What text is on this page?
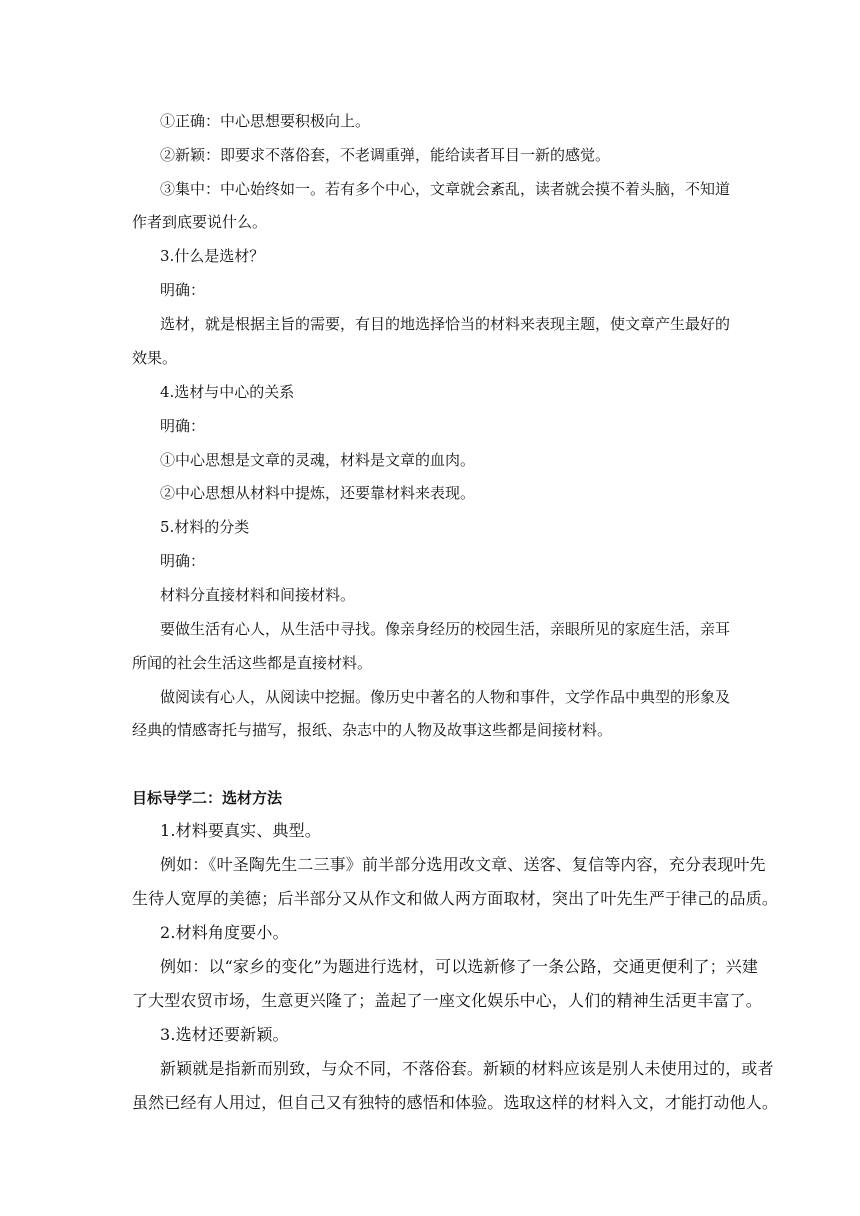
①正确：中心思想要积极向上。
②新颖：即要求不落俗套，不老调重弹，能给读者耳目一新的感觉。
③集中：中心始终如一。若有多个中心，文章就会紊乱，读者就会摸不着头脑，不知道
作者到底要说什么。
3.什么是选材？
明确：
选材，就是根据主旨的需要，有目的地选择恰当的材料来表现主题，使文章产生最好的
效果。
4.选材与中心的关系
明确：
①中心思想是文章的灵魂，材料是文章的血肉。
②中心思想从材料中提炼，还要靠材料来表现。
5.材料的分类
明确：
材料分直接材料和间接材料。
要做生活有心人，从生活中寻找。像亲身经历的校园生活，亲眼所见的家庭生活，亲耳
所闻的社会生活这些都是直接材料。
做阅读有心人，从阅读中挖掘。像历史中著名的人物和事件，文学作品中典型的形象及
经典的情感寄托与描写，报纸、杂志中的人物及故事这些都是间接材料。
目标导学二：选材方法
1.材料要真实、典型。
例如：《叶圣陶先生二三事》前半部分选用改文章、送客、复信等内容，充分表现叶先
生待人宽厚的美德；后半部分又从作文和做人两方面取材，突出了叶先生严于律己的品质。
2.材料角度要小。
例如：以“家乡的变化”为题进行选材，可以选新修了一条公路，交通更便利了；兴建
了大型农贸市场，生意更兴隆了；盖起了一座文化娱乐中心，人们的精神生活更丰富了。
3.选材还要新颖。
新颖就是指新而别致，与众不同，不落俗套。新颖的材料应该是别人未使用过的，或者
虽然已经有人用过，但自己又有独特的感悟和体验。选取这样的材料入文，才能打动他人。
